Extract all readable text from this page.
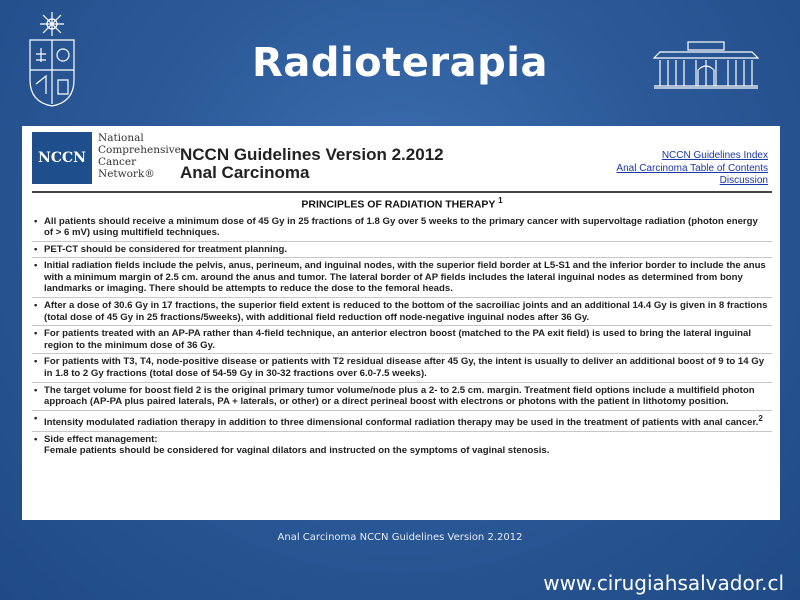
Radioterapia
NCCN
National
Comprehensive
Cancer
Network®
NCCN Guidelines Version 2.2012
Anal Carcinoma
NCCN Guidelines Index
Anal Carcinoma Table of Contents
Discussion
PRINCIPLES OF RADIATION THERAPY $^1$
• All patients should receive a minimum dose of 45 Gy in 25 fractions of 1.8 Gy over 5 weeks to the primary cancer with supervoltage radiation (photon energy of > 6 mV) using multifield techniques.
• PET-CT should be considered for treatment planning.
• Initial radiation fields include the pelvis, anus, perineum, and inguinal nodes, with the superior field border at L5-S1 and the inferior border to include the anus with a minimum margin of 2.5 cm. around the anus and tumor. The lateral border of AP fields includes the lateral inguinal nodes as determined from bony landmarks or imaging. There should be attempts to reduce the dose to the femoral heads.
• After a dose of 30.6 Gy in 17 fractions, the superior field extent is reduced to the bottom of the sacroiliac joints and an additional 14.4 Gy is given in 8 fractions (total dose of 45 Gy in 25 fractions/5weeks), with additional field reduction off node-negative inguinal nodes after 36 Gy.
• For patients treated with an AP-PA rather than 4-field technique, an anterior electron boost (matched to the PA exit field) is used to bring the lateral inguinal region to the minimum dose of 36 Gy.
• For patients with T3, T4, node-positive disease or patients with T2 residual disease after 45 Gy, the intent is usually to deliver an additional boost of 9 to 14 Gy in 1.8 to 2 Gy fractions (total dose of 54-59 Gy in 30-32 fractions over 6.0-7.5 weeks).
• The target volume for boost field 2 is the original primary tumor volume/node plus a 2- to 2.5 cm. margin. Treatment field options include a multifield photon approach (AP-PA plus paired laterals, PA + laterals, or other) or a direct perineal boost with electrons or photons with the patient in lithotomy position.
• Intensity modulated radiation therapy in addition to three dimensional conformal radiation therapy may be used in the treatment of patients with anal cancer.$^2$
• Side effect management:
Female patients should be considered for vaginal dilators and instructed on the symptoms of vaginal stenosis.
Anal Carcinoma NCCN Guidelines Version 2.2012
www.cirugiahsalvador.cl
